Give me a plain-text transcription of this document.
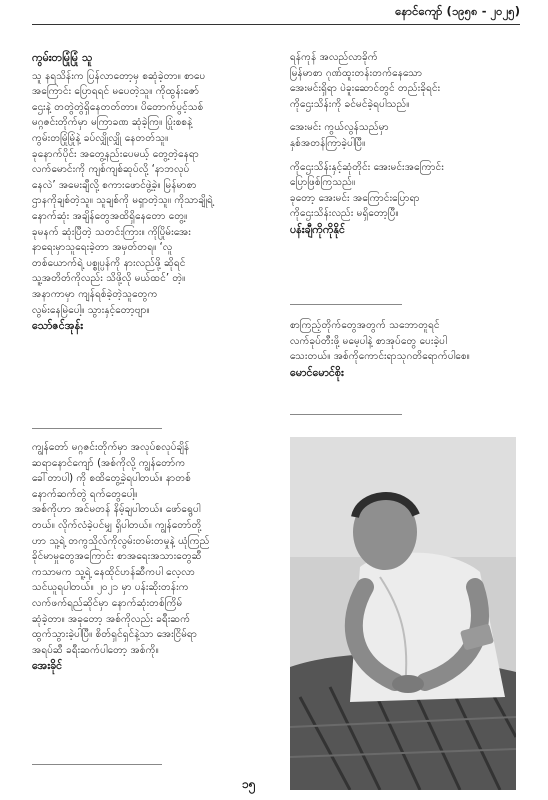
နောင်ကျော် (၁၉၅၈ - ၂၀၂၅)

ကွမ်းတမြုံမြုံ သူ

သူ နရသိန်းက ပြန်လာတော့မှ စဆုံခဲ့တာ။ စာပေ

အကြောင်း ပြောရရင် မပေတဲ့သူ။ ကိုထွန်းဇော်

ဌေးနဲ့ တတွဲတွဲရှိနေတတ်တာ။ ပိတောက်ပွင့်သစ်

မဂ္ဂဇင်းတိုက်မှာ မကြာခဏ ဆုံခဲ့ကြ။ ပြုံးစစနဲ့

ကွမ်းတမြုံမြုံနဲ့ ခပ်လျှိုလျှို နေတတ်သူ။

ခုနောက်ပိုင်း အတွေ့နည်းပေမယ့် တွေ့တဲ့နေရာ

လက်မောင်းကို ကျစ်ကျစ်ဆုပ်လို့ ‘နာဘလုပ်

နေလဲ’ အမေးချီလို့ စကားဖောင်ဖွဲ့ခဲ့။ မြန်မာစာ

ဌာနကိုချစ်တဲ့သူ။ သူချစ်ကို မရှာတဲ့သူ။ ကိုသာချိုရဲ့

နောက်ဆုံး အချိန်တွေအထိရှိနေတော တွေ့။

ခုမနက် ဆုံးပြီတဲ့ သတင်းကြား။ ကိုပြိုမ်းအေး

နာရေးမှာသူရေးခဲ့တာ အမှတ်တရ။ ‘လူ

တစ်ယောက်ရဲ့ ပစ္စုပ္ပန်ကို နားလည်ဖို့ ဆိုရင်

သူ့အတိတ်ကိုလည်း သိဖို့လို မယ်ထင်’ တဲ့။

အနာကာမှာ ကျန်ရစ်ခဲ့တဲ့သူတွေက

လွမ်းနေမြဲပေါ့။ သွားနှင့်တော့ဗျာ။

သော်ဇင်အုန်း

ကျွန်တော် မဂ္ဂဇင်းတိုက်မှာ အလုပ်စလုပ်ချိန်

ဆရာနောင်ကျော် (အစ်ကိုလို့ ကျွန်တော်က

ခေါ်တာပါ) ကို စထိတွေ့ခဲ့ရပါတယ်။ နာတစ်

နောက်ဆက်တွဲ ရက်တွေပေါ့။

အစ်ကိုဟာ အင်မတန် နိမ့်ချပါတယ်။ ဖော်ရွေပါ

တယ်။ လိုက်လံခဲ့ပင်မျှ ရှိပါတယ်။ ကျွန်တော်တို့

ဟာ သူ့ရဲ့ တကွသိုလ်ကိုလွမ်းတမ်းတမှုနဲ့ ယုံကြည်

ခိုင်မာမှုတွေအကြောင်း စာအရေးအသားတွေဆီ

ကသာမက သူ့ရဲ့ နေထိုင်ဟန်ဆီကပါ လေ့လာ

သင်ယူရပါတယ်။ ၂၀၂၁ မှာ ပန်းဆိုးတန်းက

လက်ဖက်ရည်ဆိုင်မှာ နောက်ဆုံးတစ်ကြိမ်

ဆုံခဲ့တာ။ အခုတော့ အစ်ကိုလည်း ခရီးဆက်

ထွက်သွားခဲ့ပါပြီ။ စိတ်ရှင်ရှင်နဲ့သာ အေးငြိမ်ရာ

အရပ်ဆီ ခရီးဆက်ပါတော့ အစ်ကို။

အေးခိုင်

ရန်ကုန် အလည်လာခိုက်

မြန်မာစာ ဂုဏ်ထူးတန်းတက်နေသော

အေးမင်းရှိရာ ပဲခူးဆောင်တွင် တည်းခိုရင်း

ကိုဌေးသိန်းကို ခင်မင်ခဲ့ရပါသည်။

အေးမင်း ကွယ်လွန်သည်မှာ

နှစ်အတန်ကြာခဲ့ပါပြီ။

ကိုဌေးသိန်းနှင့်ဆုံတိုင်း အေးမင်းအကြောင်း

ပြောဖြစ်ကြသည်။

ခုတော့ အေးမင်း အကြောင်းပြောရာ

ကိုဌေးသိန်းလည်း မရှိတော့ပြီ။

ပန်းချီကိုကိုနိုင်

စာကြည့်တိုက်တွေအတွက် သဘောတူရင်

လက်ခုပ်တီးဖို့ မမေ့ပါနဲ့ စာအုပ်တွေ ပေးခဲ့ပါ

သေးတယ်။ အစ်ကိုကောင်းရာသုဂတိရောက်ပါစေ။

မောင်မောင်စိုး

၁၅
